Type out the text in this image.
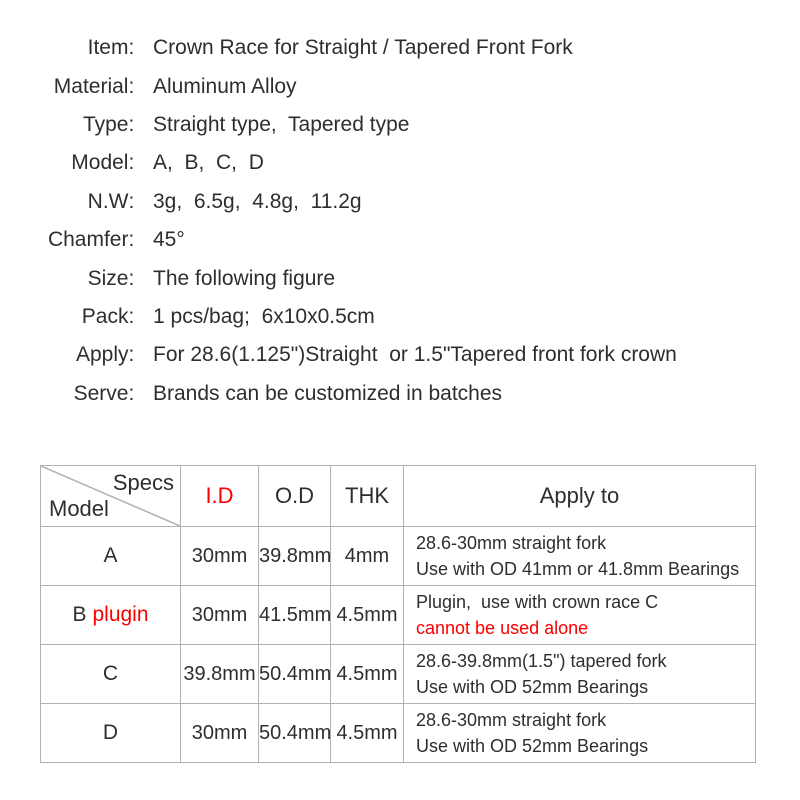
Item : Crown Race for Straight / Tapered Front Fork
Material : Aluminum Alloy
Type : Straight type,  Tapered type
Model : A,  B,  C,  D
N.W : 3g,  6.5g,  4.8g,  11.2g
Chamfer : 45°
Size : The following figure
Pack : 1 pcs/bag;  6x10x0.5cm
Apply : For 28.6(1.125")Straight  or 1.5"Tapered front fork crown
Serve : Brands can be customized in batches
Specs
Model	I.D	O.D	THK	Apply to
A	30mm	39.8mm	4mm	28.6-30mm straight fork
Use with OD 41mm or 41.8mm Bearings

B plugin	30mm	41.5mm	4.5mm	Plugin,  use with crown race C
cannot be used alone

C	39.8mm	50.4mm	4.5mm	28.6-39.8mm(1.5") tapered fork
Use with OD 52mm Bearings

D	30mm	50.4mm	4.5mm	28.6-30mm straight fork
Use with OD 52mm Bearings
